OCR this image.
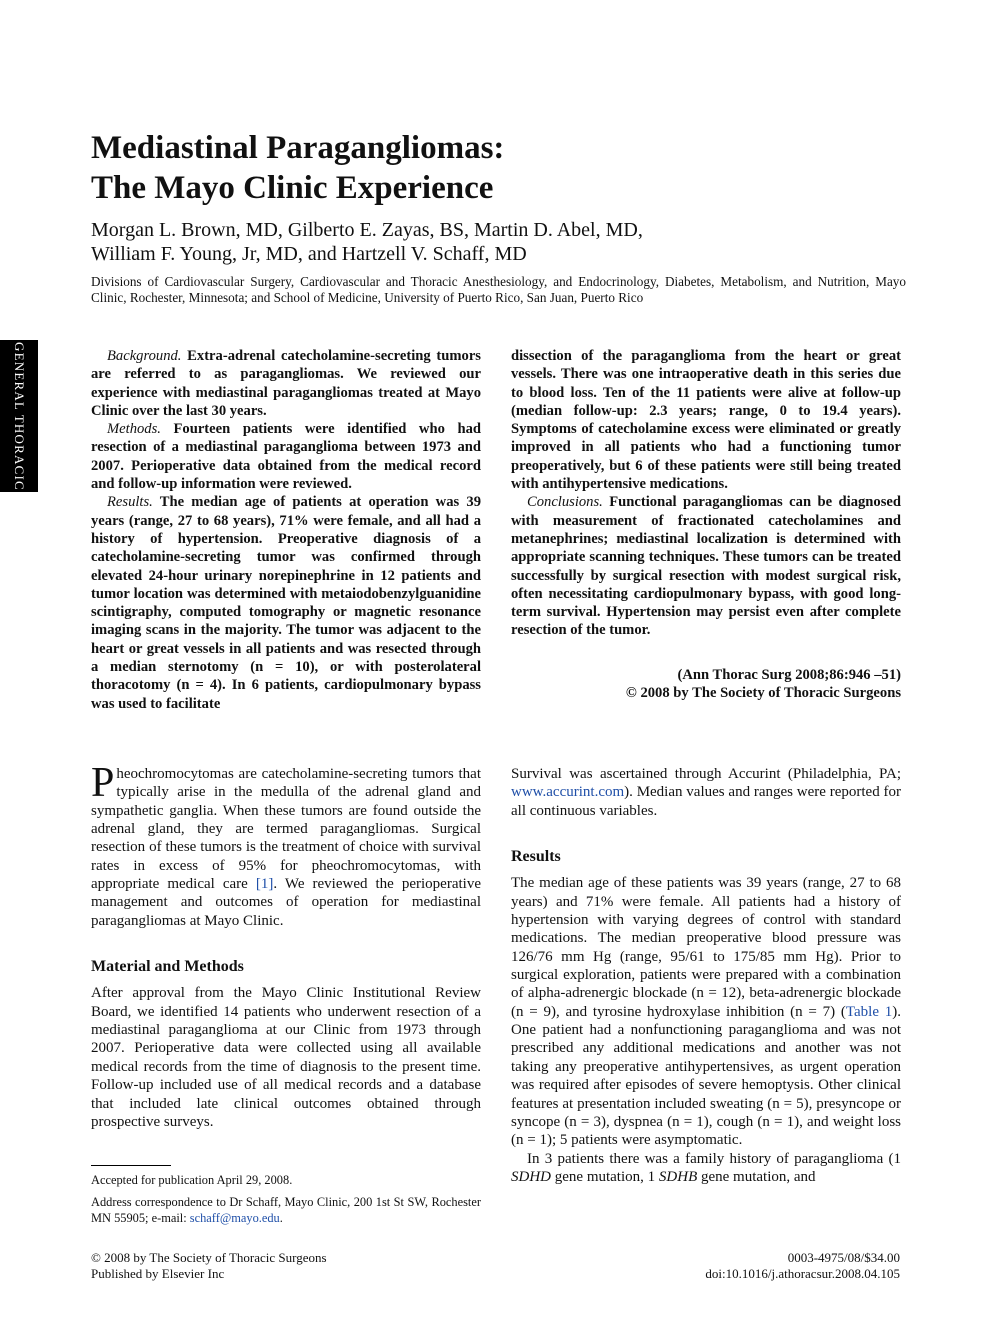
GENERAL THORACIC
Mediastinal Paragangliomas:
The Mayo Clinic Experience
Morgan L. Brown, MD, Gilberto E. Zayas, BS, Martin D. Abel, MD,
William F. Young, Jr, MD, and Hartzell V. Schaff, MD
Divisions of Cardiovascular Surgery, Cardiovascular and Thoracic Anesthesiology, and Endocrinology, Diabetes, Metabolism, and Nutrition, Mayo Clinic, Rochester, Minnesota; and School of Medicine, University of Puerto Rico, San Juan, Puerto Rico

Background. Extra-adrenal catecholamine-secreting tumors are referred to as paragangliomas. We reviewed our experience with mediastinal paragangliomas treated at Mayo Clinic over the last 30 years.

Methods. Fourteen patients were identified who had resection of a mediastinal paraganglioma between 1973 and 2007. Perioperative data obtained from the medical record and follow-up information were reviewed.

Results. The median age of patients at operation was 39 years (range, 27 to 68 years), 71% were female, and all had a history of hypertension. Preoperative diagnosis of a catecholamine-secreting tumor was confirmed through elevated 24-hour urinary norepinephrine in 12 patients and tumor location was determined with metaiodobenzylguanidine scintigraphy, computed tomography or magnetic resonance imaging scans in the majority. The tumor was adjacent to the heart or great vessels in all patients and was resected through a median sternotomy (n = 10), or with posterolateral thoracotomy (n = 4). In 6 patients, cardiopulmonary bypass was used to facilitate

dissection of the paraganglioma from the heart or great vessels. There was one intraoperative death in this series due to blood loss. Ten of the 11 patients were alive at follow-up (median follow-up: 2.3 years; range, 0 to 19.4 years). Symptoms of catecholamine excess were eliminated or greatly improved in all patients who had a functioning tumor preoperatively, but 6 of these patients were still being treated with antihypertensive medications.

Conclusions. Functional paragangliomas can be diagnosed with measurement of fractionated catecholamines and metanephrines; mediastinal localization is determined with appropriate scanning techniques. These tumors can be treated successfully by surgical resection with modest surgical risk, often necessitating cardiopulmonary bypass, with good long-term survival. Hypertension may persist even after complete resection of the tumor.

(Ann Thorac Surg 2008;86:946 –51)
© 2008 by The Society of Thoracic Surgeons

Pheochromocytomas are catecholamine-secreting tumors that typically arise in the medulla of the adrenal gland and sympathetic ganglia. When these tumors are found outside the adrenal gland, they are termed paragangliomas. Surgical resection of these tumors is the treatment of choice with survival rates in excess of 95% for pheochromocytomas, with appropriate medical care [1]. We reviewed the perioperative management and outcomes of operation for mediastinal paragangliomas at Mayo Clinic.

Material and Methods

After approval from the Mayo Clinic Institutional Review Board, we identified 14 patients who underwent resection of a mediastinal paraganglioma at our Clinic from 1973 through 2007. Perioperative data were collected using all available medical records from the time of diagnosis to the present time. Follow-up included use of all medical records and a database that included late clinical outcomes obtained through prospective surveys.

Survival was ascertained through Accurint (Philadelphia, PA; www.accurint.com). Median values and ranges were reported for all continuous variables.

Results

The median age of these patients was 39 years (range, 27 to 68 years) and 71% were female. All patients had a history of hypertension with varying degrees of control with standard medications. The median preoperative blood pressure was 126/76 mm Hg (range, 95/61 to 175/85 mm Hg). Prior to surgical exploration, patients were prepared with a combination of alpha-adrenergic blockade (n = 12), beta-adrenergic blockade (n = 9), and tyrosine hydroxylase inhibition (n = 7) (Table 1). One patient had a nonfunctioning paraganglioma and was not prescribed any additional medications and another was not taking any preoperative antihypertensives, as urgent operation was required after episodes of severe hemoptysis. Other clinical features at presentation included sweating (n = 5), presyncope or syncope (n = 3), dyspnea (n = 1), cough (n = 1), and weight loss (n = 1); 5 patients were asymptomatic.

In 3 patients there was a family history of paraganglioma (1 SDHD gene mutation, 1 SDHB gene mutation, and

Accepted for publication April 29, 2008.

Address correspondence to Dr Schaff, Mayo Clinic, 200 1st St SW, Rochester MN 55905; e-mail: schaff@mayo.edu.

© 2008 by The Society of Thoracic Surgeons
Published by Elsevier Inc
0003-4975/08/$34.00
doi:10.1016/j.athoracsur.2008.04.105
